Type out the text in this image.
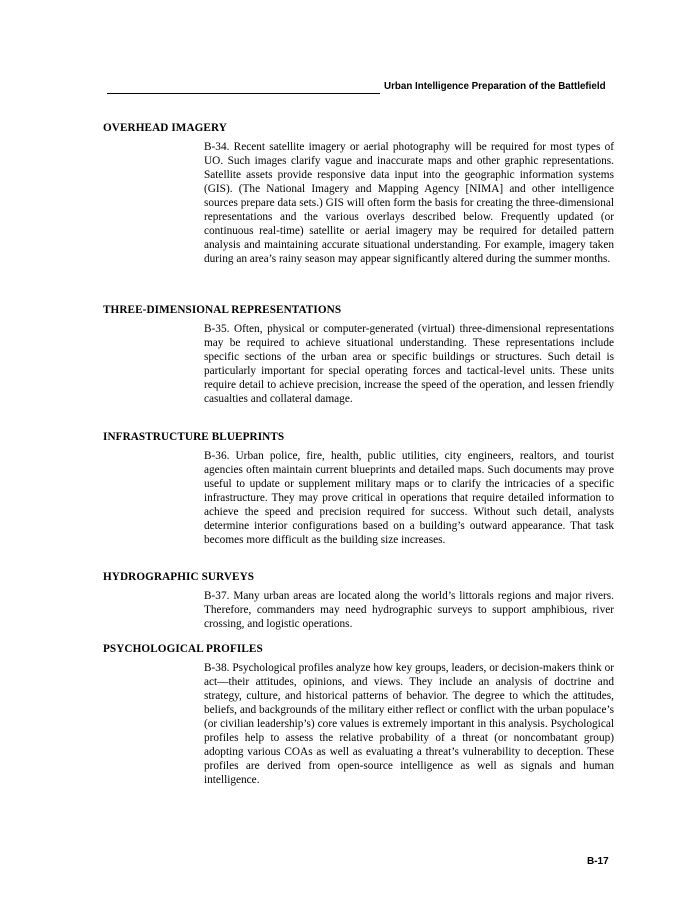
Urban Intelligence Preparation of the Battlefield
OVERHEAD IMAGERY

B-34. Recent satellite imagery or aerial photography will be required for most types of UO. Such images clarify vague and inaccurate maps and other graphic representations. Satellite assets provide responsive data input into the geographic information systems (GIS). (The National Imagery and Mapping Agency [NIMA] and other intelligence sources prepare data sets.) GIS will often form the basis for creating the three-dimensional representations and the various overlays described below. Frequently updated (or continuous real-time) satellite or aerial imagery may be required for detailed pattern analysis and maintaining accurate situational understanding. For example, imagery taken during an area’s rainy season may appear significantly altered during the summer months.

THREE-DIMENSIONAL REPRESENTATIONS

B-35. Often, physical or computer-generated (virtual) three-dimensional representations may be required to achieve situational understanding. These representations include specific sections of the urban area or specific buildings or structures. Such detail is particularly important for special operating forces and tactical-level units. These units require detail to achieve precision, increase the speed of the operation, and lessen friendly casualties and collateral damage.

INFRASTRUCTURE BLUEPRINTS

B-36. Urban police, fire, health, public utilities, city engineers, realtors, and tourist agencies often maintain current blueprints and detailed maps. Such documents may prove useful to update or supplement military maps or to clarify the intricacies of a specific infrastructure. They may prove critical in operations that require detailed information to achieve the speed and precision required for success. Without such detail, analysts determine interior configurations based on a building’s outward appearance. That task becomes more difficult as the building size increases.

HYDROGRAPHIC SURVEYS

B-37. Many urban areas are located along the world’s littorals regions and major rivers. Therefore, commanders may need hydrographic surveys to support amphibious, river crossing, and logistic operations.

PSYCHOLOGICAL PROFILES

B-38. Psychological profiles analyze how key groups, leaders, or decision-makers think or act—their attitudes, opinions, and views. They include an analysis of doctrine and strategy, culture, and historical patterns of behavior. The degree to which the attitudes, beliefs, and backgrounds of the military either reflect or conflict with the urban populace’s (or civilian leadership’s) core values is extremely important in this analysis. Psychological profiles help to assess the relative probability of a threat (or noncombatant group) adopting various COAs as well as evaluating a threat’s vulnerability to deception. These profiles are derived from open-source intelligence as well as signals and human intelligence.

B-17
